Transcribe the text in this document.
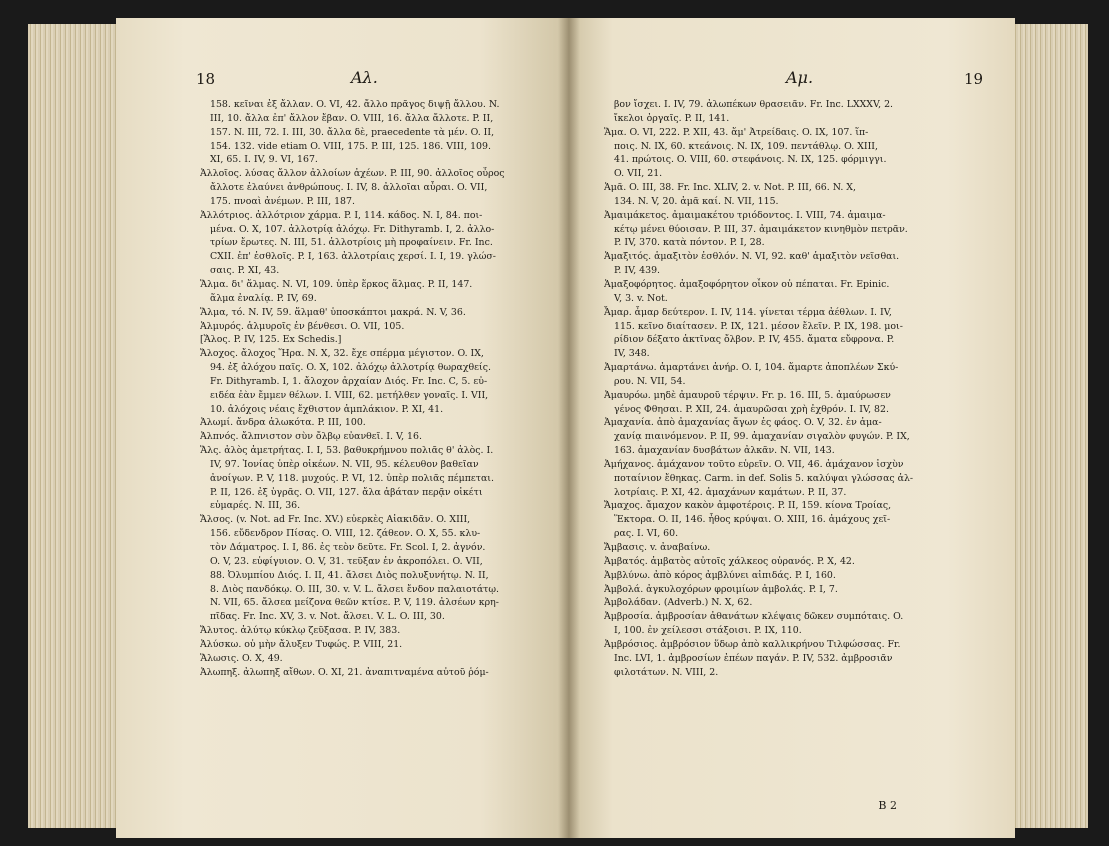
18	Αλ.
158. κεῖναι ἐξ ἄλλαν. O. VI, 42. ἄλλο πρᾶγος διψῇ ἄλλου. N.
III, 10. ἄλλα ἐπ' ἄλλον ἔβαν. O. VIII, 16. ἄλλα ἄλλοτε. P. II,
157. N. III, 72. I. III, 30. ἄλλα δὲ, praecedente τὰ μέν. O. II,
154. 132. vide etiam O. VIII, 175. P. III, 125. 186. VIII, 109.
XI, 65. I. IV, 9. VI, 167.
Ἀλλοῖος. λύσας ἄλλον ἀλλοίων ἀχέων. P. III, 90. ἀλλοῖος οὖρος
ἄλλοτε ἐλαύνει ἀνθρώπους. I. IV, 8. ἀλλοῖαι αὖραι. O. VII,
175. πνοαὶ ἀνέμων. P. III, 187.
Ἀλλότριος. ἀλλότριον χάρμα. P. I, 114. κάδος. N. I, 84. ποι-
μένα. O. X, 107. ἀλλοτρίᾳ ἀλόχῳ. Fr. Dithyramb. I, 2. ἀλλο-
τρίων ἔρωτες. N. III, 51. ἀλλοτρίοις μὴ προφαίνειν. Fr. Inc.
CXII. ἐπ' ἐσθλοῖς. P. I, 163. ἀλλοτρίαις χερσί. I. I, 19. γλώσ-
σαις. P. XI, 43.
Ἅλμα. δι' ἅλμας. N. VI, 109. ὑπὲρ ἕρκος ἅλμας. P. II, 147.
ἅλμα ἐναλίᾳ. P. IV, 69.
Ἅλμα, τό. N. IV, 59. ἅλμαθ' ὑποσκάπτοι μακρά. N. V, 36.
Ἁλμυρός. ἁλμυροῖς ἐν βένθεσι. O. VII, 105.
[Ἅλος. P. IV, 125. Ex Schedis.]
Ἄλοχος. ἄλοχος Ἥρα. N. X, 32. ἔχε σπέρμα μέγιστον. O. IX,
94. ἐξ ἀλόχου παῖς. O. X, 102. ἀλόχῳ ἀλλοτρίᾳ θωραχθείς.
Fr. Dithyramb. I, 1. ἄλοχον ἀρχαίαν Διός. Fr. Inc. C, 5. εὐ-
ειδέα ἐὰν ἔμμεν θέλων. I. VIII, 62. μετήλθεν γοναῖς. I. VII,
10. ἀλόχοις νέαις ἔχθιστον ἀμπλάκιον. P. XI, 41.
Ἀλωμί. ἄνδρα ἀλωκότα. P. III, 100.
Ἀλπνός. ἄλπνιστον σὺν ὄλβῳ εὐανθεῖ. I. V, 16.
Ἅλς. ἁλὸς ἀμετρήτας. I. I, 53. βαθυκρήμνου πολιᾶς θ' ἁλὸς. I.
IV, 97. Ἰονίας ὑπὲρ οἰκέων. N. VII, 95. κέλευθον βαθεῖαν
ἀνοίγων. P. V, 118. μυχούς. P. VI, 12. ὑπὲρ πολιᾶς πέμπεται.
P. II, 126. ἐξ ὑγρᾶς. O. VII, 127. ἄλα ἀβάταν περᾷν οἰκέτι
εὐμαρές. N. III, 36.
Ἄλσος. (v. Not. ad Fr. Inc. XV.) εὐερκὲς Αἰακιδᾶν. O. XIII,
156. εὔδενδρον Πίσας. O. VIII, 12. ζάθεον. O. X, 55. κλυ-
τὸν Δάματρος. I. I, 86. ἐς τεὸν δεῦτε. Fr. Scol. I, 2. ἀγνόν.
O. V, 23. εὐφίγυιον. O. V, 31. τεῦξαν ἐν ἀκροπόλει. O. VII,
88. Ὀλυμπίου Διός. I. II, 41. ἄλσει Διὸς πολυξυνήτῳ. N. II,
8. Διὸς πανδόκῳ. O. III, 30. v. V. L. ἄλσει ἔνδον παλαιοτάτῳ.
N. VII, 65. ἄλσεα μείζονα θεῶν κτίσε. P. V, 119. ἀλσέων κρη-
πῖδας. Fr. Inc. XV, 3. v. Not. ἄλσει. V. L. O. III, 30.
Ἄλυτος. ἀλύτῳ κύκλῳ ζεῦξασα. P. IV, 383.
Ἀλύσκω. οὐ μὴν ἄλυξεν Τυφώς. P. VIII, 21.
Ἅλωσις. O. X, 49.
Ἀλωπηξ. ἀλωπηξ αἴθων. O. XI, 21. ἀναπιτναμένα αὐτοῦ ῥόμ-
Αμ.	19
βον ἴσχει. I. IV, 79. ἀλωπέκων θρασειᾶν. Fr. Inc. LXXXV, 2.
ἴκελοι ὀργαῖς. P. II, 141.
Ἅμα. O. VI, 222. P. XII, 43. ἅμ' Ἀτρείδαις. O. IX, 107. ἵπ-
ποις. N. IX, 60. κτεάνοις. N. IX, 109. πεντάθλῳ. O. XIII,
41. πρώτοις. O. VIII, 60. στεφάνοις. N. IX, 125. φόρμιγγι.
O. VII, 21.
Ἁμᾶ. O. III, 38. Fr. Inc. XLIV, 2. v. Not. P. III, 66. N. X,
134. N. V, 20. ἁμᾶ καί. N. VII, 115.
Ἀμαιμάκετος. ἀμαιμακέτου τριόδοντος. I. VIII, 74. ἀμαιμα-
κέτῳ μένει θύοισαν. P. III, 37. ἀμαιμάκετον κινηθμὸν πετρᾶν.
P. IV, 370. κατὰ πόντον. P. I, 28.
Ἁμαξιτός. ἁμαξιτὸν ἐσθλόν. N. VI, 92. καθ' ἁμαξιτὸν νεῖσθαι.
P. IV, 439.
Ἁμαξοφόρητος. ἁμαξοφόρητον οἶκον οὐ πέπαται. Fr. Epinic.
V, 3. v. Not.
Ἆμαρ. ἆμαρ δεύτερον. I. IV, 114. γίνεται τέρμα ἀέθλων. I. IV,
115. κεῖνο διαίτασεν. P. IX, 121. μέσον ἔλεῖν. P. IX, 198. μοι-
ρίδιον δέξατο ἀκτῖνας ὄλβον. P. IV, 455. ἄματα εὔφρονα. P.
IV, 348.
Ἀμαρτάνω. ἁμαρτάνει ἀνήρ. O. I, 104. ἅμαρτε ἀποπλέων Σκύ-
ρου. N. VII, 54.
Ἀμαυρόω. μηδὲ ἀμαυροῦ τέρψιν. Fr. p. 16. III, 5. ἀμαύρωσεν
γένος Φθησαι. P. XII, 24. ἀμαυρῶσαι χρὴ ἐχθρόν. I. IV, 82.
Ἀμαχανία. ἀπὸ ἀμαχανίας ἄγων ἐς φάος. O. V, 32. ἐν ἀμα-
χανίᾳ πιαινόμενον. P. II, 99. ἀμαχανίαν σιγαλὸν φυγών. P. IX,
163. ἀμαχανίαν δυσβάτων ἀλκᾶν. N. VII, 143.
Ἀμήχανος. ἀμάχανον τοῦτο εὑρεῖν. O. VII, 46. ἀμάχανον ἰσχὺν
ποταίνιον ἔθηκας. Carm. in def. Solis 5. καλύψαι γλώσσας ἀλ-
λοτρίαις. P. XI, 42. ἀμαχάνων καμάτων. P. II, 37.
Ἄμαχος. ἄμαχον κακὸν ἀμφοτέροις. P. II, 159. κίονα Τροίας,
Ἕκτορα. O. II, 146. ἦθος κρύψαι. O. XIII, 16. ἀμάχους χεῖ-
ρας. I. VI, 60.
Ἄμβασις. v. ἀναβαίνω.
Ἀμβατός. ἀμβατὸς αὐτοῖς χάλκεος οὐρανός. P. X, 42.
Ἀμβλύνω. ἀπὸ κόρος ἀμβλύνει αἰπιδάς. P. I, 160.
Ἀμβολά. ἀγκυλοχόρων φροιμίων ἀμβολάς. P. I, 7.
Ἀμβολάδαν. (Adverb.) N. X, 62.
Ἀμβροσία. ἀμβροσίαν ἀθανάτων κλέψαις δῶκεν συμπόταις. O.
I, 100. ἐν χείλεσσι στάξοισι. P. IX, 110.
Ἀμβρόσιος. ἀμβρόσιον ὕδωρ ἀπὸ καλλικρήνου Τιλφώσσας. Fr.
Inc. LVI, 1. ἀμβροσίων ἐπέων παγάν. P. IV, 532. ἀμβροσιᾶν
φιλοτάτων. N. VIII, 2.
B 2
